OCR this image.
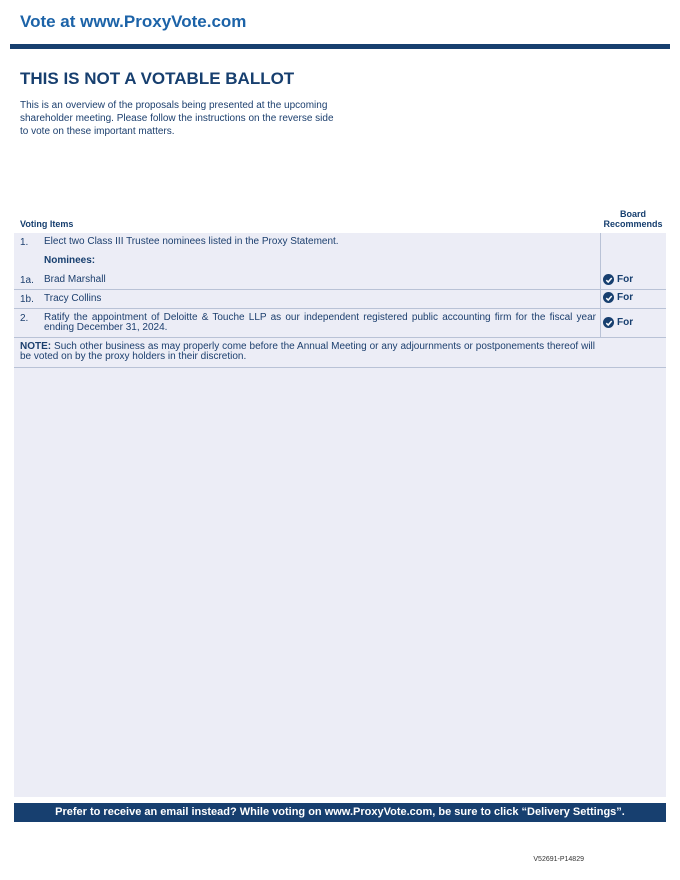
Vote at www.ProxyVote.com
THIS IS NOT A VOTABLE BALLOT
This is an overview of the proposals being presented at the upcoming shareholder meeting. Please follow the instructions on the reverse side to vote on these important matters.
Voting Items
Board
Recommends
1. Elect two Class III Trustee nominees listed in the Proxy Statement.
Nominees:
1a. Brad Marshall	For
1b. Tracy Collins	For
2. Ratify the appointment of Deloitte & Touche LLP as our independent registered public accounting firm for the fiscal year ending December 31, 2024.	For
NOTE: Such other business as may properly come before the Annual Meeting or any adjournments or postponements thereof will be voted on by the proxy holders in their discretion.
Prefer to receive an email instead? While voting on www.ProxyVote.com, be sure to click “Delivery Settings”.
V52691-P14829
